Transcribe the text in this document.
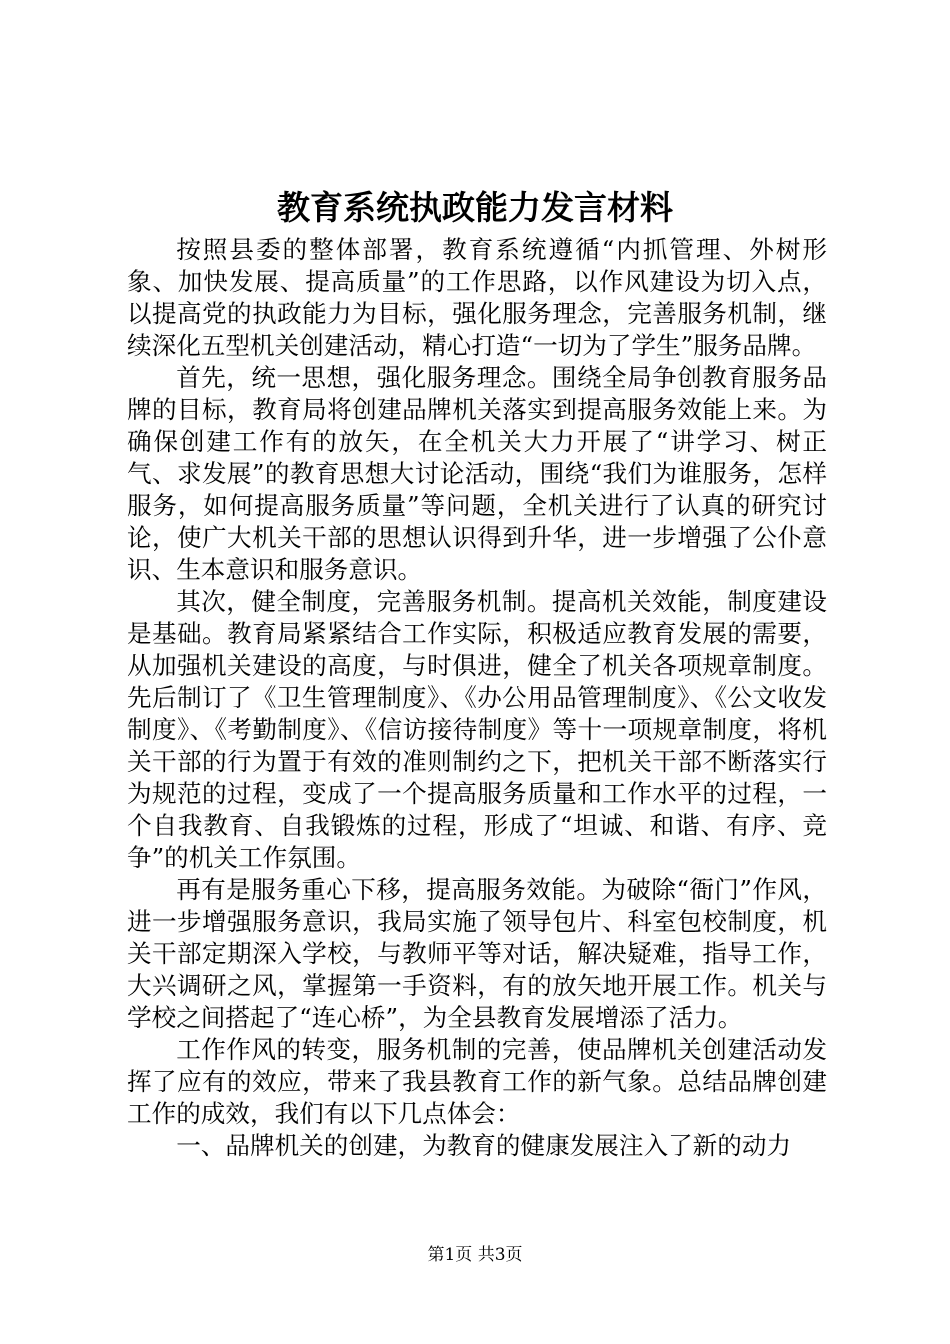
教育系统执政能力发言材料

按照县委的整体部署，教育系统遵循“内抓管理、外树形象、加快发展、提高质量”的工作思路，以作风建设为切入点，以提高党的执政能力为目标，强化服务理念，完善服务机制，继续深化五型机关创建活动，精心打造“一切为了学生”服务品牌。

首先，统一思想，强化服务理念。围绕全局争创教育服务品牌的目标，教育局将创建品牌机关落实到提高服务效能上来。为确保创建工作有的放矢，在全机关大力开展了“讲学习、树正气、求发展”的教育思想大讨论活动，围绕“我们为谁服务，怎样服务，如何提高服务质量”等问题，全机关进行了认真的研究讨论，使广大机关干部的思想认识得到升华，进一步增强了公仆意识、生本意识和服务意识。

其次，健全制度，完善服务机制。提高机关效能，制度建设是基础。教育局紧紧结合工作实际，积极适应教育发展的需要，从加强机关建设的高度，与时俱进，健全了机关各项规章制度。先后制订了《卫生管理制度》、《办公用品管理制度》、《公文收发制度》、《考勤制度》、《信访接待制度》等十一项规章制度，将机关干部的行为置于有效的准则制约之下，把机关干部不断落实行为规范的过程，变成了一个提高服务质量和工作水平的过程，一个自我教育、自我锻炼的过程，形成了“坦诚、和谐、有序、竞争”的机关工作氛围。

再有是服务重心下移，提高服务效能。为破除“衙门”作风，进一步增强服务意识，我局实施了领导包片、科室包校制度，机关干部定期深入学校，与教师平等对话，解决疑难，指导工作，大兴调研之风，掌握第一手资料，有的放矢地开展工作。机关与学校之间搭起了“连心桥”，为全县教育发展增添了活力。

工作作风的转变，服务机制的完善，使品牌机关创建活动发挥了应有的效应，带来了我县教育工作的新气象。总结品牌创建工作的成效，我们有以下几点体会：

一、品牌机关的创建，为教育的健康发展注入了新的动力

第1页 共3页
